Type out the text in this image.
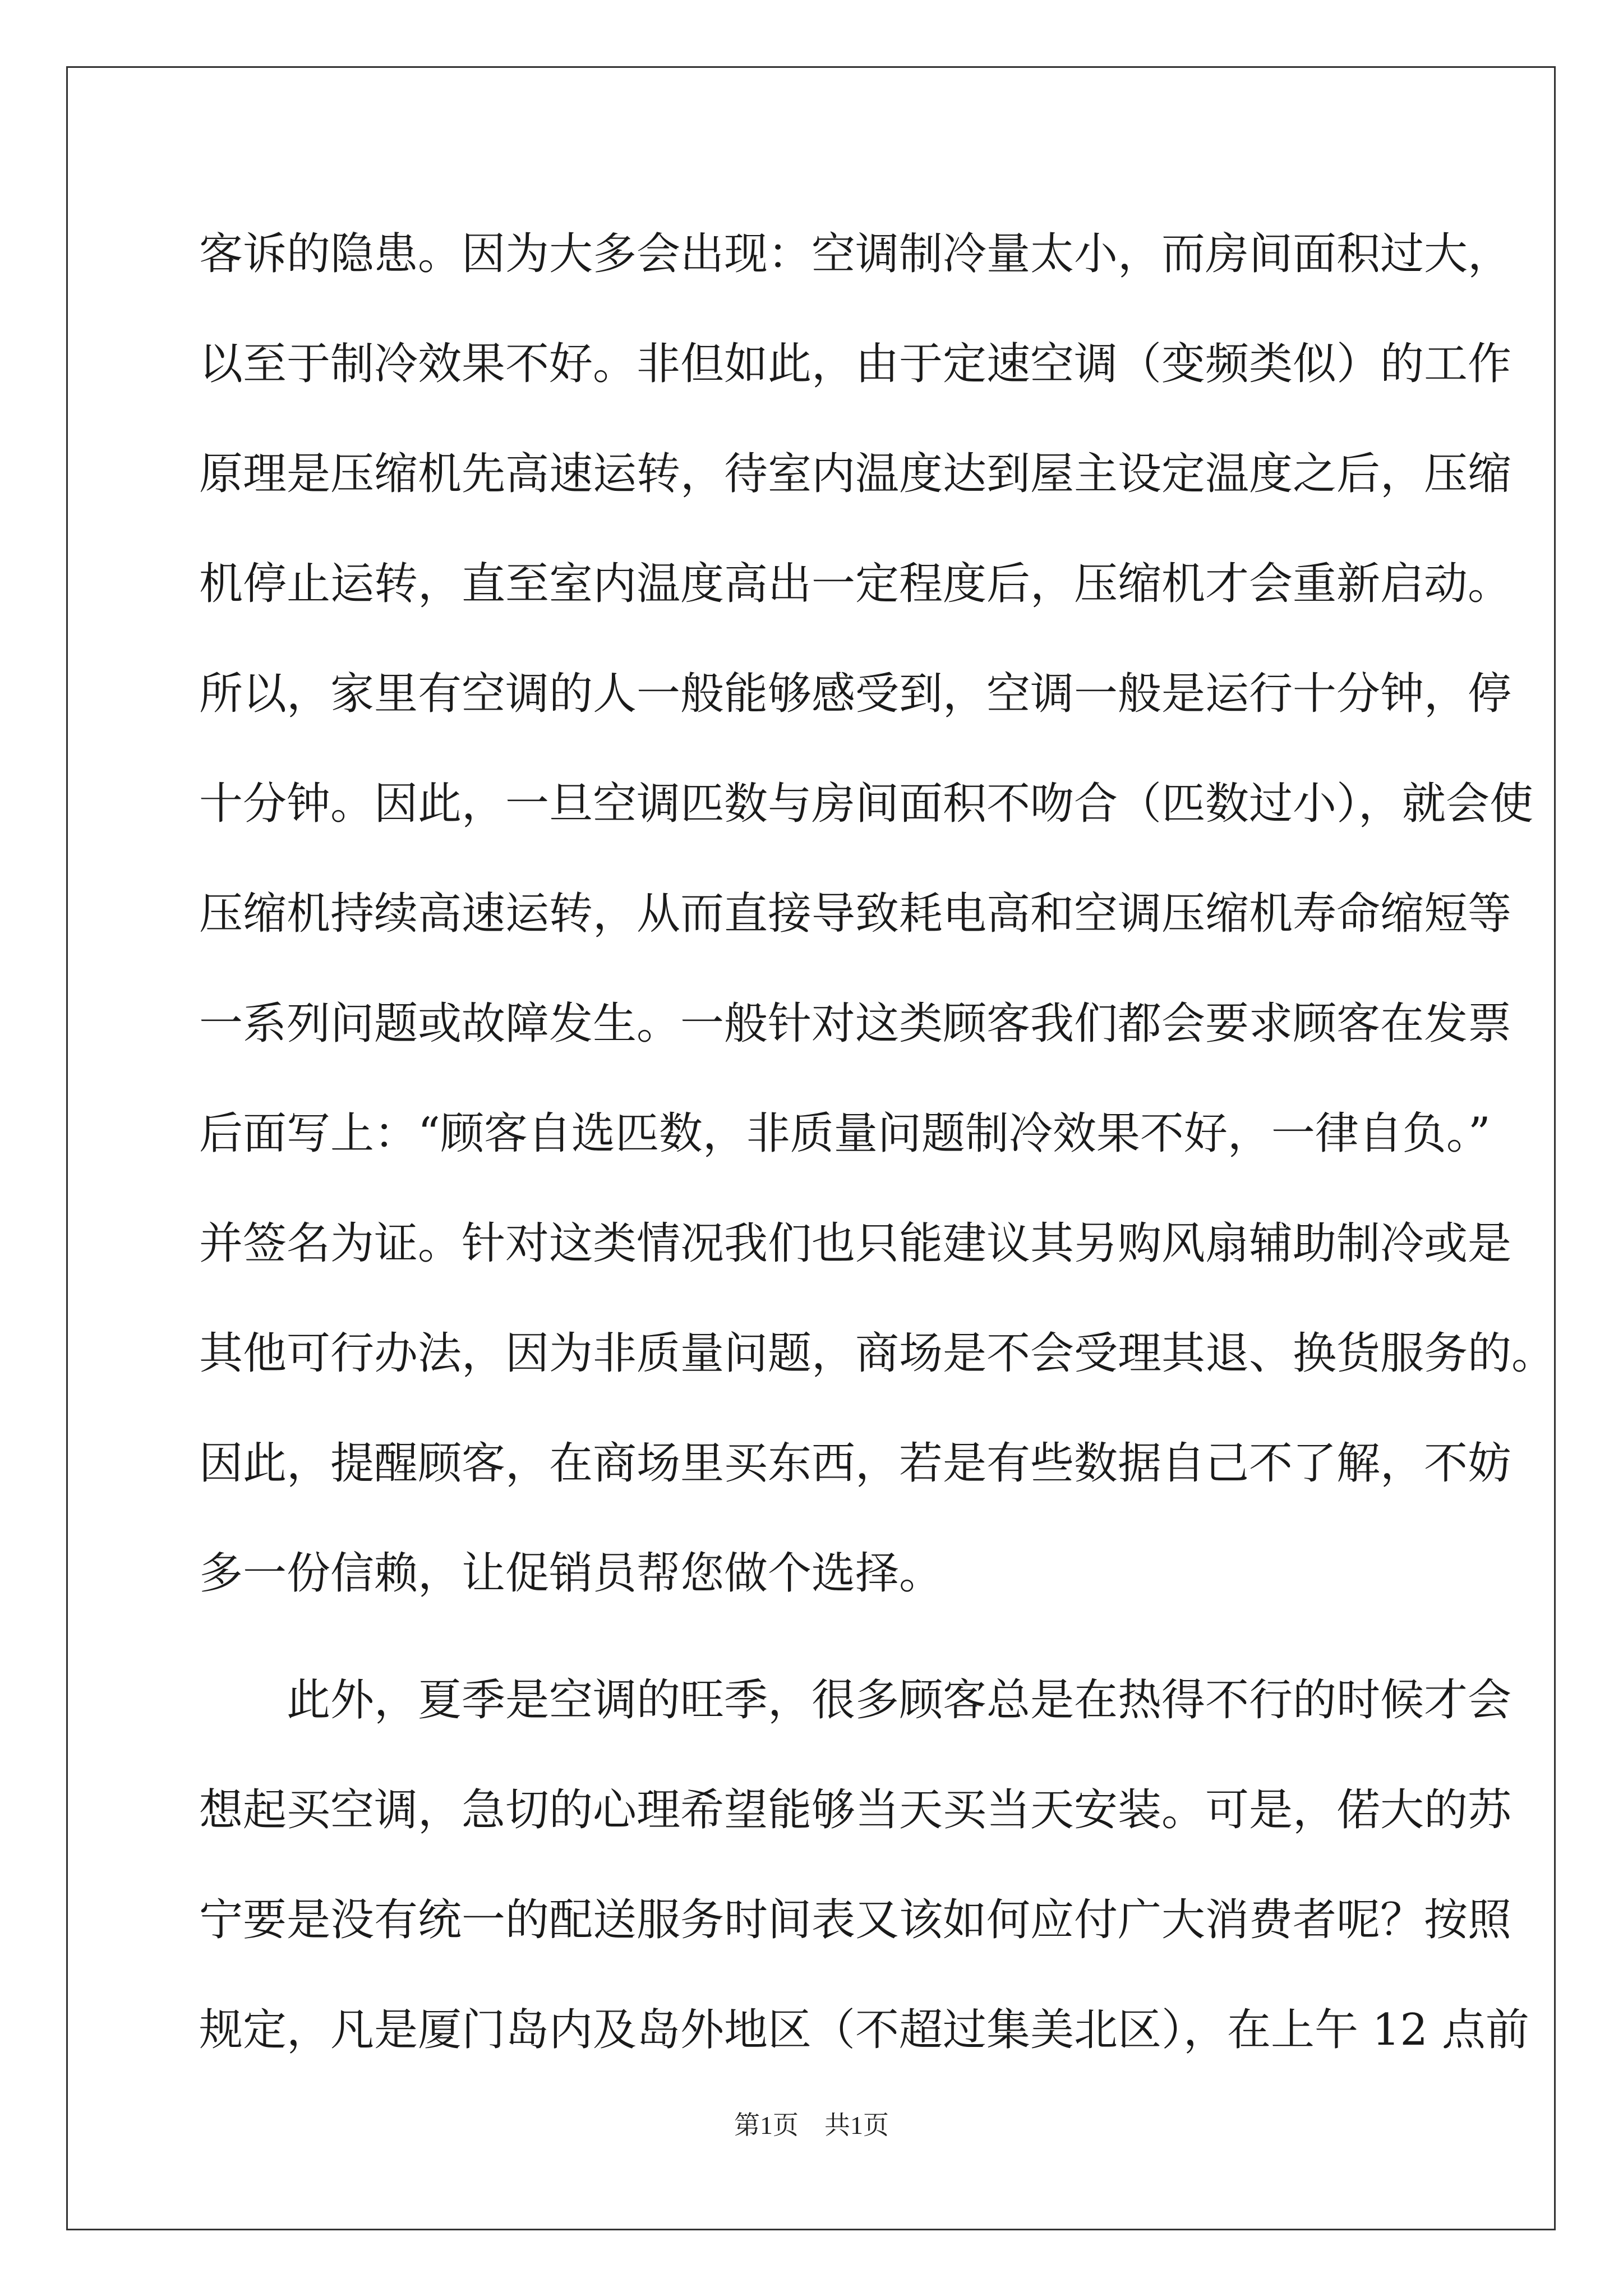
客诉的隐患。因为大多会出现：空调制冷量太小，而房间面积过大，
以至于制冷效果不好。非但如此，由于定速空调（变频类似）的工作
原理是压缩机先高速运转，待室内温度达到屋主设定温度之后，压缩
机停止运转，直至室内温度高出一定程度后，压缩机才会重新启动。
所以，家里有空调的人一般能够感受到，空调一般是运行十分钟，停
十分钟。因此，一旦空调匹数与房间面积不吻合（匹数过小），就会使
压缩机持续高速运转，从而直接导致耗电高和空调压缩机寿命缩短等
一系列问题或故障发生。一般针对这类顾客我们都会要求顾客在发票
后面写上：“顾客自选匹数，非质量问题制冷效果不好，一律自负。”
并签名为证。针对这类情况我们也只能建议其另购风扇辅助制冷或是
其他可行办法，因为非质量问题，商场是不会受理其退、换货服务的。
因此，提醒顾客，在商场里买东西，若是有些数据自己不了解，不妨
多一份信赖，让促销员帮您做个选择。
此外，夏季是空调的旺季，很多顾客总是在热得不行的时候才会
想起买空调，急切的心理希望能够当天买当天安装。可是，偌大的苏
宁要是没有统一的配送服务时间表又该如何应付广大消费者呢？按照
规定，凡是厦门岛内及岛外地区（不超过集美北区），在上午 12 点前
第1页　共1页
